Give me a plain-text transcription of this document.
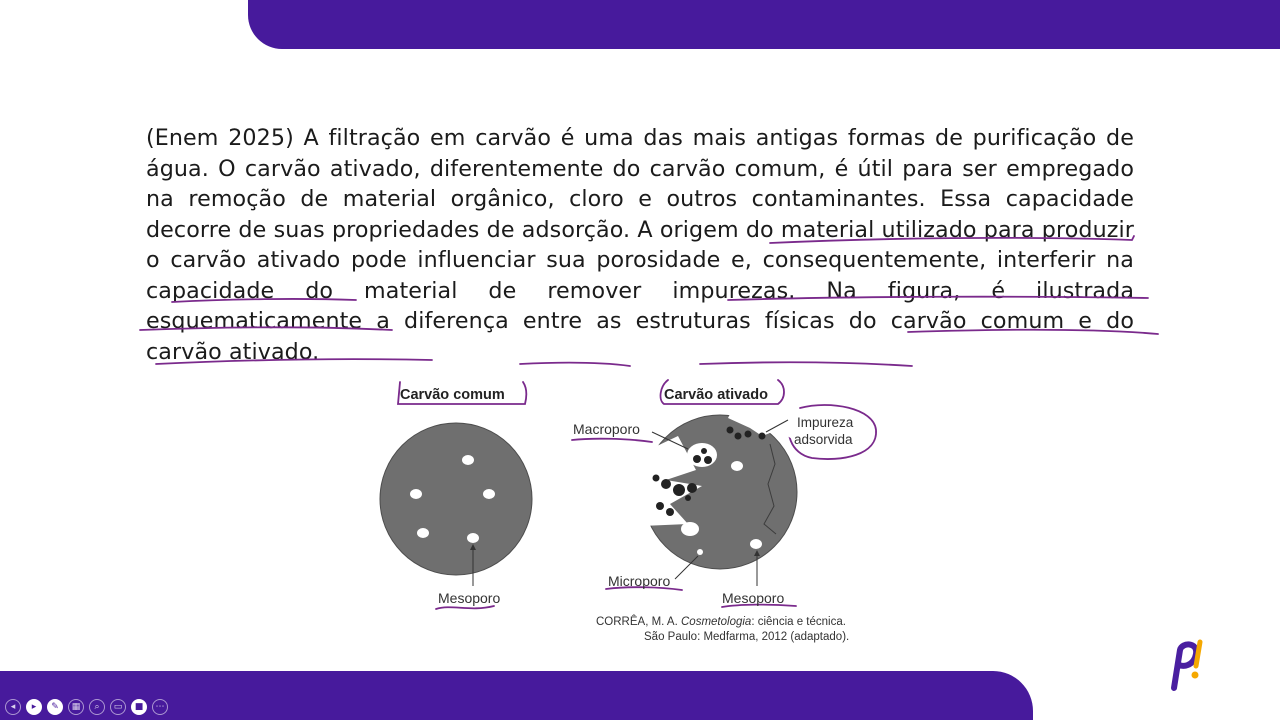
(Enem 2025) A filtração em carvão é uma das mais antigas formas de purificação de água. O carvão ativado, diferentemente do carvão comum, é útil para ser empregado na remoção de material orgânico, cloro e outros contaminantes. Essa capacidade decorre de suas propriedades de adsorção. A origem do material utilizado para produzir o carvão ativado pode influenciar sua porosidade e, consequentemente, interferir na capacidade do material de remover impurezas. Na figura, é ilustrada esquematicamente a diferença entre as estruturas físicas do carvão comum e do carvão ativado.

Carvão comum	Carvão ativado
Mesoporo
Macroporo	Impureza
adsorvida
Microporo
Mesoporo
CORRÊA, M. A. Cosmetologia: ciência e técnica.
São Paulo: Medfarma, 2012 (adaptado).
◂	▸	✎	▦	⌕	▭	■	⋯
